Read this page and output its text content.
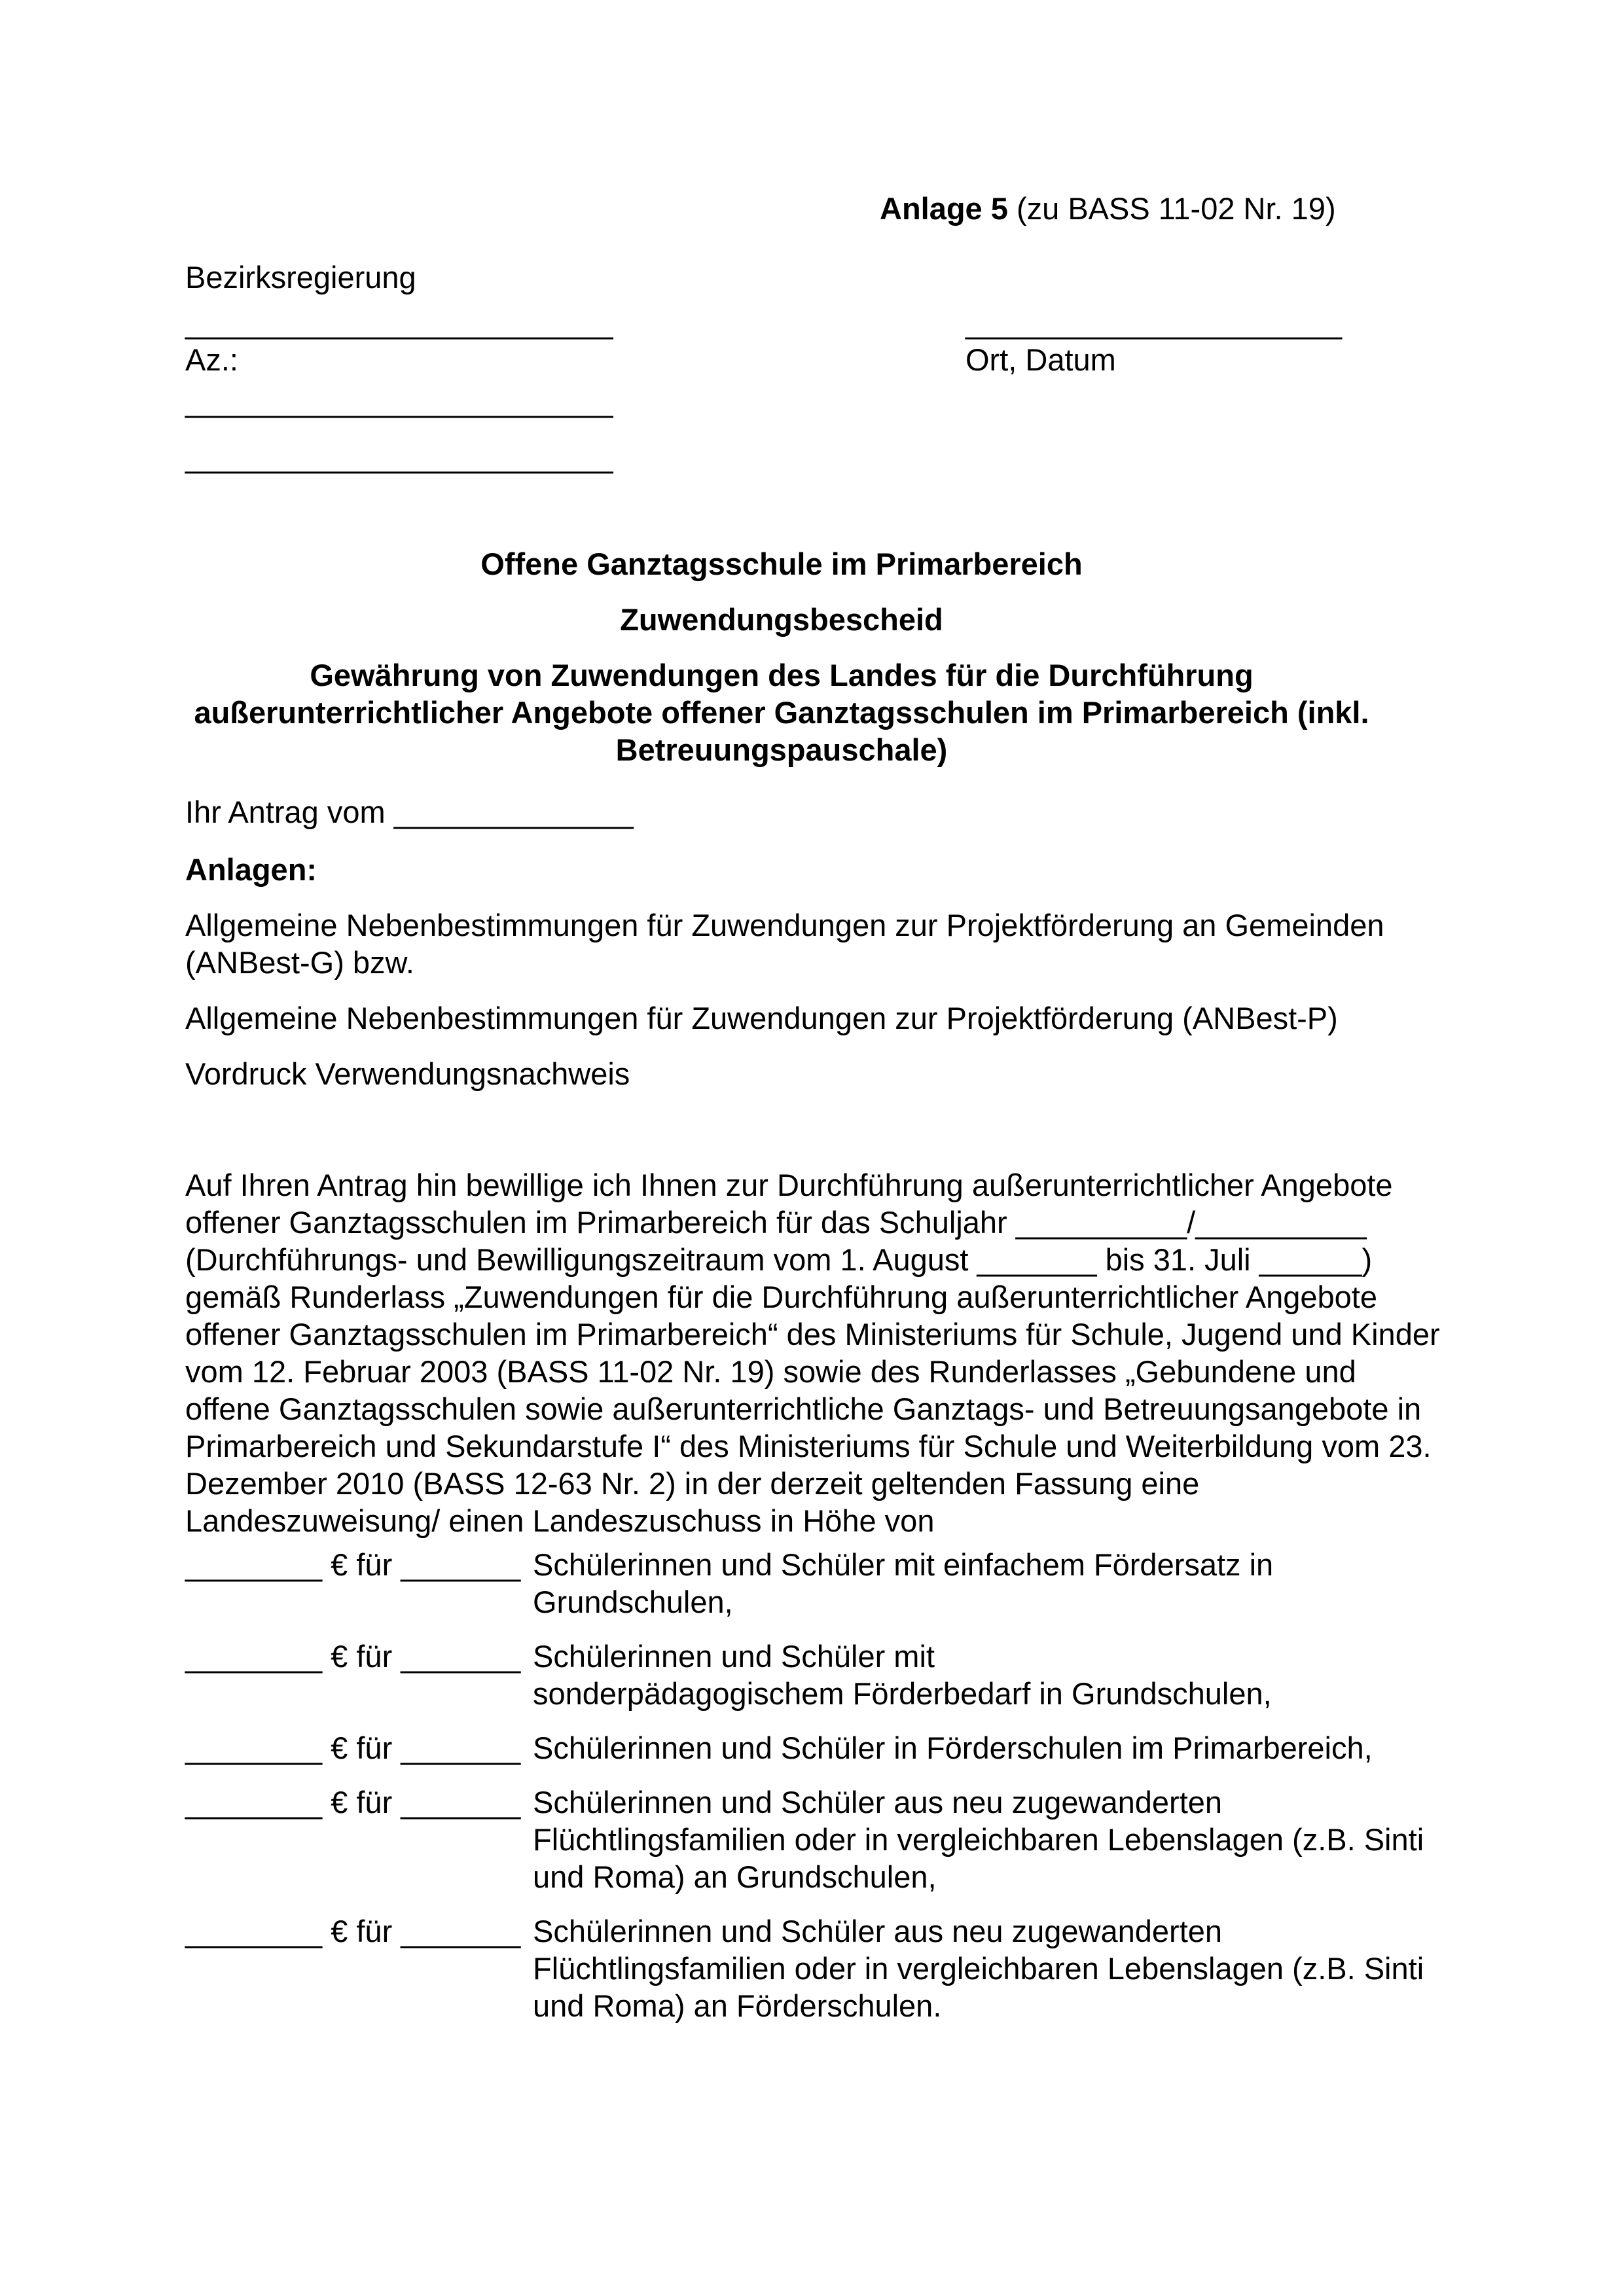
Anlage 5 (zu BASS 11-02 Nr. 19)
Bezirksregierung
_________________________
Az.:
_________________________
_________________________
______________________
Ort, Datum
Offene Ganztagsschule im Primarbereich
Zuwendungsbescheid
Gewährung von Zuwendungen des Landes für die Durchführung
außerunterrichtlicher Angebote offener Ganztagsschulen im Primarbereich (inkl.
Betreuungspauschale)
Ihr Antrag vom ______________
Anlagen:
Allgemeine Nebenbestimmungen für Zuwendungen zur Projektförderung an Gemeinden
(ANBest-G) bzw.
Allgemeine Nebenbestimmungen für Zuwendungen zur Projektförderung (ANBest-P)
Vordruck Verwendungsnachweis
Auf Ihren Antrag hin bewillige ich Ihnen zur Durchführung außerunterrichtlicher Angebote
offener Ganztagsschulen im Primarbereich für das Schuljahr __________/__________
(Durchführungs- und Bewilligungszeitraum vom 1. August _______ bis 31. Juli ______)
gemäß Runderlass „Zuwendungen für die Durchführung außerunterrichtlicher Angebote
offener Ganztagsschulen im Primarbereich“ des Ministeriums für Schule, Jugend und Kinder
vom 12. Februar 2003 (BASS 11-02 Nr. 19) sowie des Runderlasses „Gebundene und
offene Ganztagsschulen sowie außerunterrichtliche Ganztags- und Betreuungsangebote in
Primarbereich und Sekundarstufe I“ des Ministeriums für Schule und Weiterbildung vom 23.
Dezember 2010 (BASS 12-63 Nr. 2) in der derzeit geltenden Fassung eine
Landeszuweisung/ einen Landeszuschuss in Höhe von
________ € für _______ Schülerinnen und Schüler mit einfachem Fördersatz in
Grundschulen,
________ € für _______ Schülerinnen und Schüler mit
sonderpädagogischem Förderbedarf in Grundschulen,
________ € für _______ Schülerinnen und Schüler in Förderschulen im Primarbereich,
________ € für _______ Schülerinnen und Schüler aus neu zugewanderten
Flüchtlingsfamilien oder in vergleichbaren Lebenslagen (z.B. Sinti
und Roma) an Grundschulen,
________ € für _______ Schülerinnen und Schüler aus neu zugewanderten
Flüchtlingsfamilien oder in vergleichbaren Lebenslagen (z.B. Sinti
und Roma) an Förderschulen.
